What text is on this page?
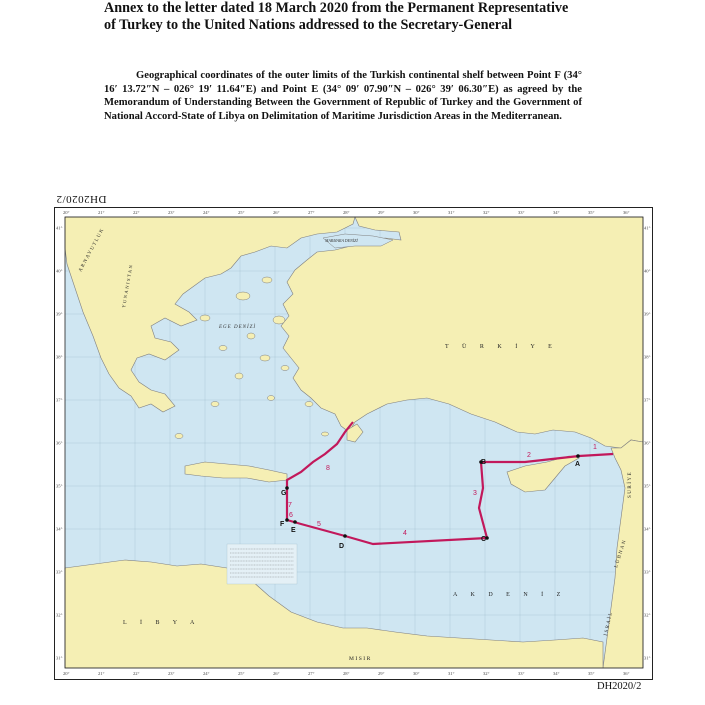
Annex to the letter dated 18 March 2020 from the Permanent Representative of Turkey to the United Nations addressed to the Secretary-General

Geographical coordinates of the outer limits of the Turkish continental shelf between Point F (34° 16′ 13.72″N – 026° 19′ 11.64″E) and Point E (34° 09′ 07.90″N – 026° 39′ 06.30″E) as agreed by the Memorandum of Understanding Between the Government of Republic of Turkey and the Government of National Accord-State of Libya on Delimitation of Maritime Jurisdiction Areas in the Mediterranean.

DH2020/2
A
B
C
D
E
F
G
1
2
3
4
5
6
7
8
T Ü R K İ Y E
EGE DENİZİ
MARMARA DENİZİ
A K D E N İ Z
L İ B Y A
MISIR
ARNAVUTLUK
YUNANISTAN
SURİYE
LÜBNAN
İSRAİL
20°	21°	22°	23°	24°	25°	26°	27°	28°	29°	30°	31°	32°	33°	34°	35°	36°
20°	21°	22°	23°	24°	25°	26°	27°	28°	29°	30°	31°	32°	33°	34°	35°	36°
41°
40°
39°
38°
37°
36°
35°
34°
33°
32°
31°
41°
40°
39°
38°
37°
36°
35°
34°
33°
32°
31°
DH2020/2
